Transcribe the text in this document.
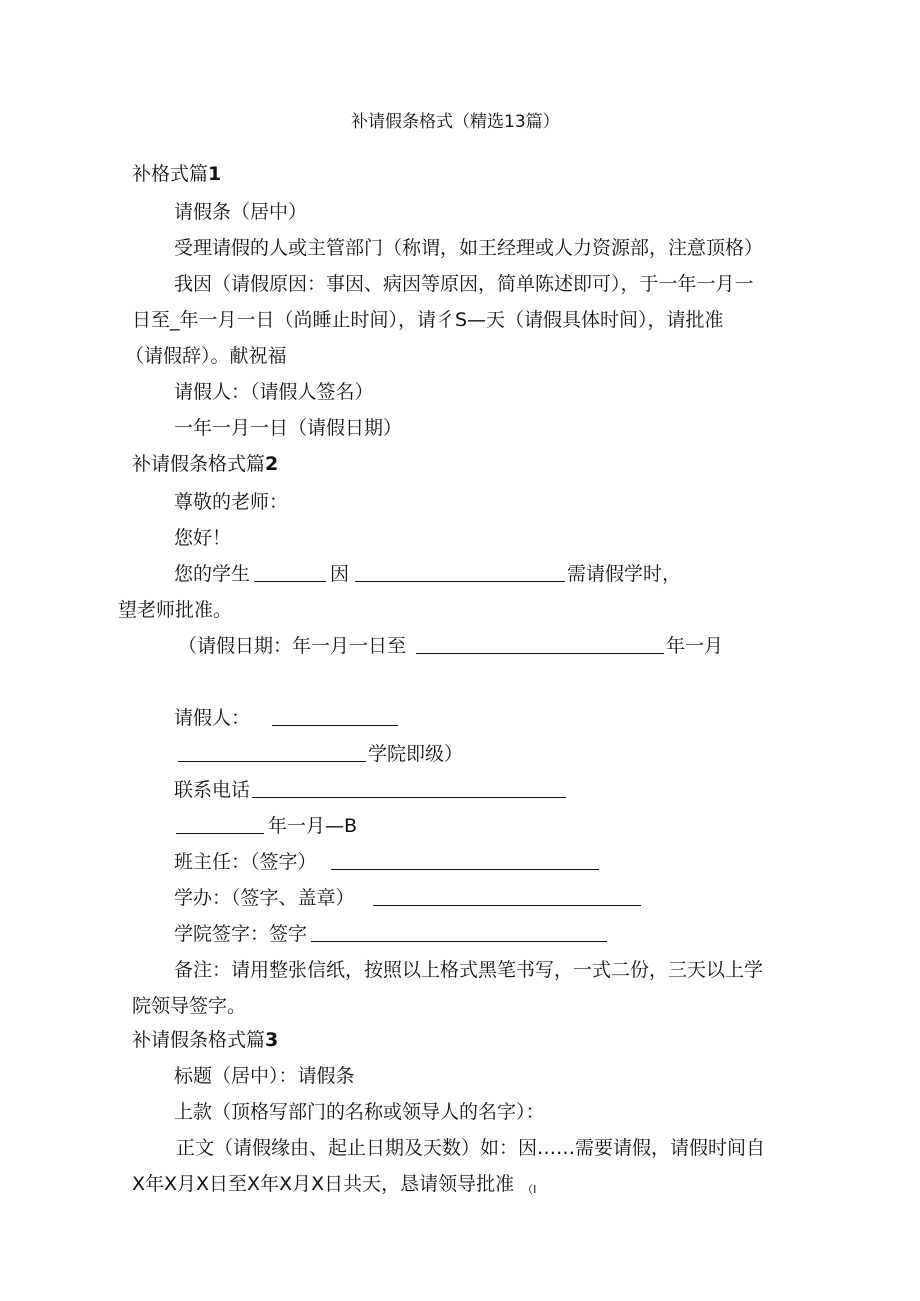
补请假条格式（精选13篇）
补格式篇1
请假条（居中）
受理请假的人或主管部门（称谓，如王经理或人力资源部，注意顶格）
我因（请假原因：事因、病因等原因，简单陈述即可），于一年一月一
日至_年一月一日（尚睡止时间），请彳S—天（请假具体时间），请批准
（请假辞）。献祝福
请假人：（请假人签名）
一年一月一日（请假日期）
补请假条格式篇2
尊敬的老师：
您好！
您的学生	因	需请假学时，
望老师批准。
（请假日期：年一月一日至	年一月
请假人：
学院即级）
联系电话
年一月—B
班主任：（签字）
学办：（签字、盖章）
学院签字：签字
备注：请用整张信纸，按照以上格式黑笔书写，一式二份，三天以上学
院领导签字。
补请假条格式篇3
标题（居中）：请假条
上款（顶格写部门的名称或领导人的名字）：
正文（请假缘由、起止日期及天数）如：因……需要请假，请假时间自
X年X月X日至X年X月X日共天，恳请领导批准 （I
